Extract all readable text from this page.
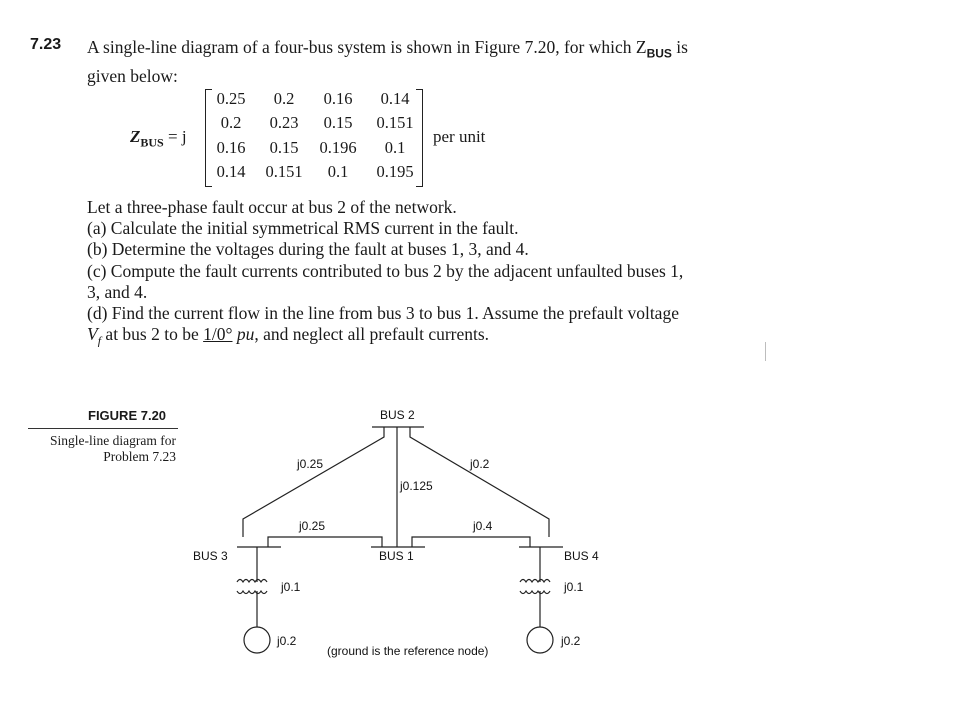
7.23 A single-line diagram of a four-bus system is shown in Figure 7.20, for which $Z_{BUS}$ is
given below:
$Z_{BUS} = j$
0.25	0.2	0.16	0.14
0.2	0.23	0.15	0.151
0.16	0.15	0.196	0.1
0.14	0.151	0.1	0.195
per unit
Let a three-phase fault occur at bus 2 of the network.
(a) Calculate the initial symmetrical RMS current in the fault.
(b) Determine the voltages during the fault at buses 1, 3, and 4.
(c) Compute the fault currents contributed to bus 2 by the adjacent unfaulted buses 1,
3, and 4.
(d) Find the current flow in the line from bus 3 to bus 1. Assume the prefault voltage
$V_f$ at bus 2 to be 1/0° pu, and neglect all prefault currents.
FIGURE 7.20
Single-line diagram for Problem 7.23
BUS 2
BUS 1
BUS 3	BUS 4
j0.25	j0.2
j0.125
j0.25	j0.4
j0.1	j0.1
j0.2	j0.2
(ground is the reference node)
